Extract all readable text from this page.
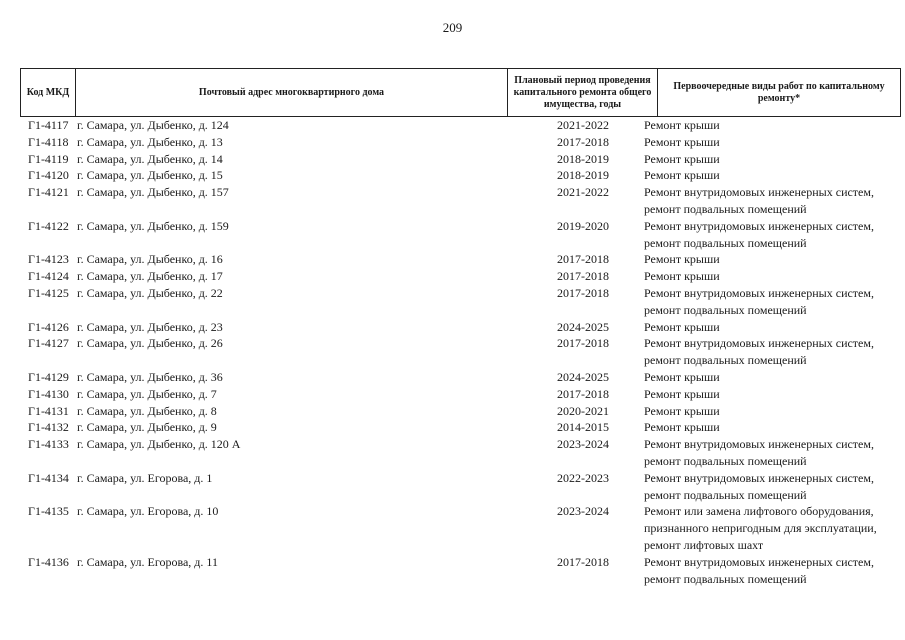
209
Код МКД	Почтовый адрес многоквартирного дома
Плановый период проведения капитального ремонта общего имущества, годы
Первоочередные виды работ по капитальному ремонту*
Г1-4117 г. Самара, ул. Дыбенко, д. 124	2021-2022	Ремонт крыши
Г1-4118 г. Самара, ул. Дыбенко, д. 13	2017-2018	Ремонт крыши
Г1-4119 г. Самара, ул. Дыбенко, д. 14	2018-2019	Ремонт крыши
Г1-4120 г. Самара, ул. Дыбенко, д. 15	2018-2019	Ремонт крыши
Г1-4121 г. Самара, ул. Дыбенко, д. 157	2021-2022	Ремонт внутридомовых инженерных систем,
ремонт подвальных помещений
Г1-4122 г. Самара, ул. Дыбенко, д. 159	2019-2020	Ремонт внутридомовых инженерных систем,
ремонт подвальных помещений
Г1-4123 г. Самара, ул. Дыбенко, д. 16	2017-2018	Ремонт крыши
Г1-4124 г. Самара, ул. Дыбенко, д. 17	2017-2018	Ремонт крыши
Г1-4125 г. Самара, ул. Дыбенко, д. 22	2017-2018	Ремонт внутридомовых инженерных систем,
ремонт подвальных помещений
Г1-4126 г. Самара, ул. Дыбенко, д. 23	2024-2025	Ремонт крыши
Г1-4127 г. Самара, ул. Дыбенко, д. 26	2017-2018	Ремонт внутридомовых инженерных систем,
ремонт подвальных помещений
Г1-4129 г. Самара, ул. Дыбенко, д. 36	2024-2025	Ремонт крыши
Г1-4130 г. Самара, ул. Дыбенко, д. 7	2017-2018	Ремонт крыши
Г1-4131 г. Самара, ул. Дыбенко, д. 8	2020-2021	Ремонт крыши
Г1-4132 г. Самара, ул. Дыбенко, д. 9	2014-2015	Ремонт крыши
Г1-4133 г. Самара, ул. Дыбенко, д. 120 А	2023-2024	Ремонт внутридомовых инженерных систем,
ремонт подвальных помещений
Г1-4134 г. Самара, ул. Егорова, д. 1	2022-2023	Ремонт внутридомовых инженерных систем,
ремонт подвальных помещений
Г1-4135 г. Самара, ул. Егорова, д. 10	2023-2024	Ремонт или замена лифтового оборудования,
признанного непригодным для эксплуатации,
ремонт лифтовых шахт
Г1-4136 г. Самара, ул. Егорова, д. 11	2017-2018	Ремонт внутридомовых инженерных систем,
ремонт подвальных помещений
